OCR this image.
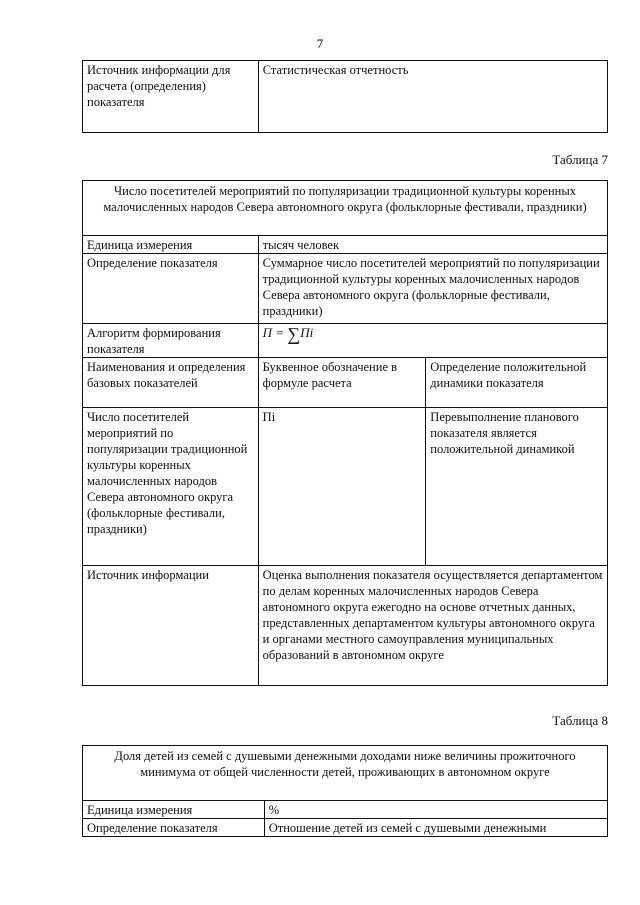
7
Источник информации для расчета (определения) показателя	Статистическая отчетность
Таблица 7
Число посетителей мероприятий по популяризации традиционной культуры коренных малочисленных народов Севера автономного округа (фольклорные фестивали, праздники)		
Единица измерения	тысяч человек	
Определение показателя	Суммарное число посетителей мероприятий по популяризации традиционной культуры коренных малочисленных народов Севера автономного округа (фольклорные фестивали, праздники)	
Алгоритм формирования показателя	П = ∑Пi	
Наименования и определения базовых показателей	Буквенное обозначение в формуле расчета	Определение положительной динамики показателя
Число посетителей мероприятий по популяризации традиционной культуры коренных малочисленных народов Севера автономного округа (фольклорные фестивали, праздники)	Пi	Перевыполнение планового показателя является положительной динамикой
Источник информации	Оценка выполнения показателя осуществляется департаментом по делам коренных малочисленных народов Севера автономного округа ежегодно на основе отчетных данных, представленных департаментом культуры автономного округа и органами местного самоуправления муниципальных образований в автономном округе	
Таблица 8
Доля детей из семей с душевыми денежными доходами ниже величины прожиточного минимума от общей численности детей, проживающих в автономном округе	
Единица измерения	%
Определение показателя	Отношение детей из семей с душевыми денежными
